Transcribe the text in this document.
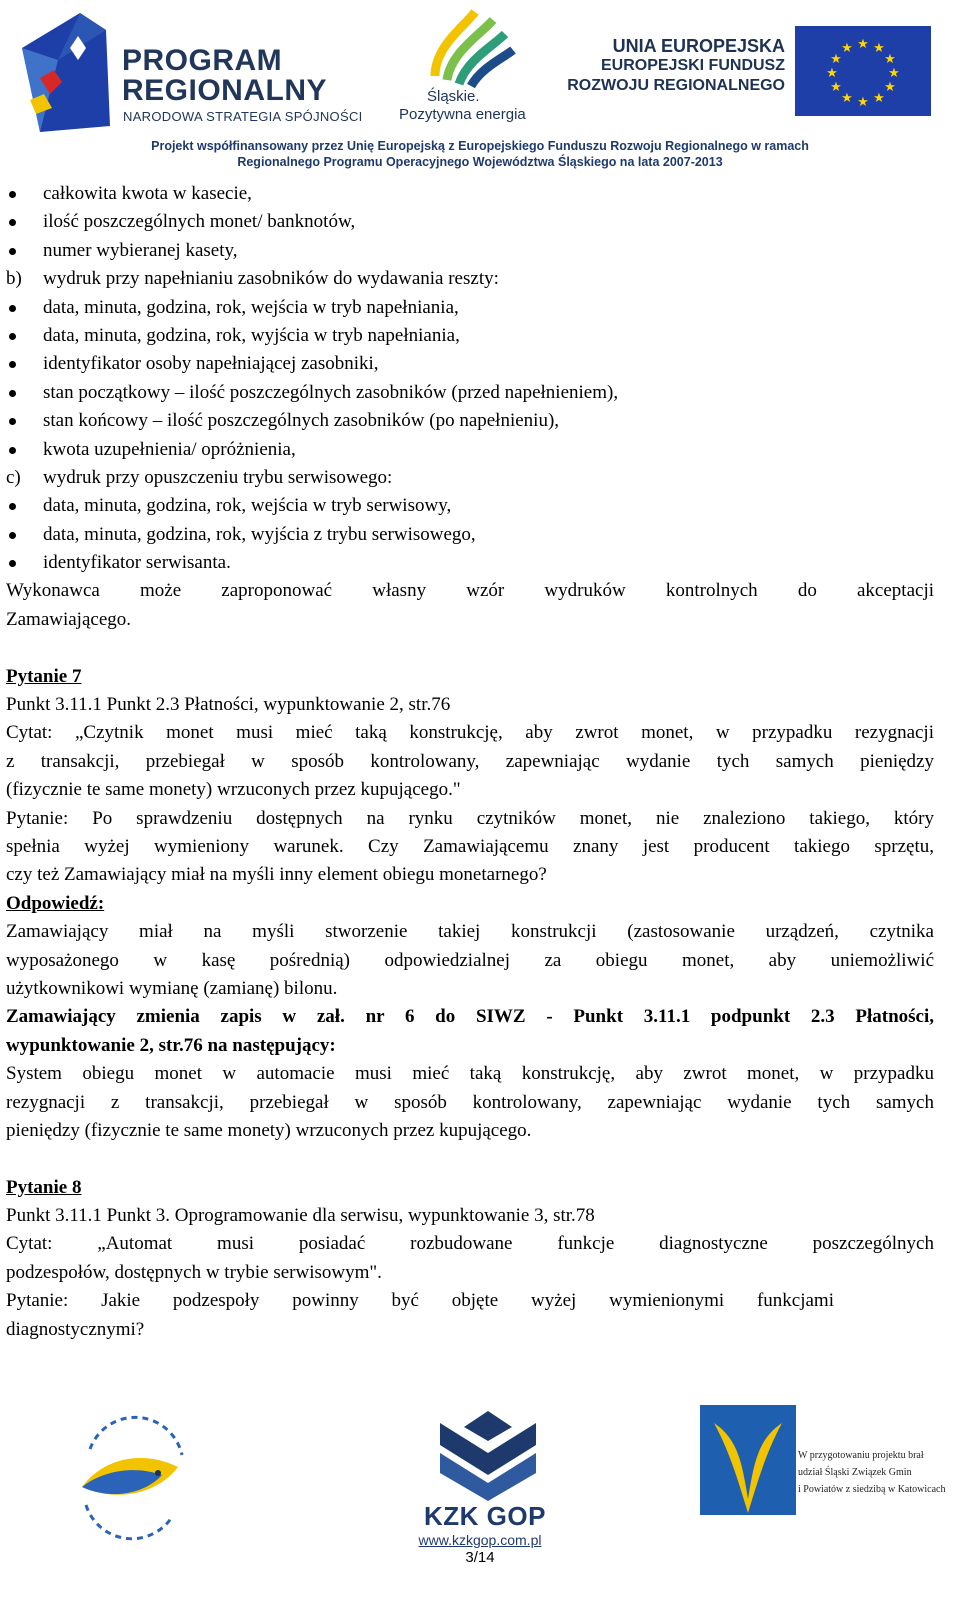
PROGRAM
REGIONALNY
NARODOWA STRATEGIA SPÓJNOŚCI
Śląskie.
Pozytywna energia
UNIA EUROPEJSKA
EUROPEJSKI FUNDUSZ
ROZWOJU REGIONALNEGO
★ ★
★
★
★
★
★
★
★
★
★
★
Projekt współfinansowany przez Unię Europejską z Europejskiego Funduszu Rozwoju Regionalnego w ramach
Regionalnego Programu Operacyjnego Województwa Śląskiego na lata 2007-2013
całkowita kwota w kasecie,
ilość poszczególnych monet/ banknotów,
numer wybieranej kasety,
b) wydruk przy napełnianiu zasobników do wydawania reszty:
data, minuta, godzina, rok, wejścia w tryb napełniania,
data, minuta, godzina, rok, wyjścia w tryb napełniania,
identyfikator osoby napełniającej zasobniki,
stan początkowy – ilość poszczególnych zasobników (przed napełnieniem),
stan końcowy – ilość poszczególnych zasobników (po napełnieniu),
kwota uzupełnienia/ opróżnienia,
c) wydruk przy opuszczeniu trybu serwisowego:
data, minuta, godzina, rok, wejścia w tryb serwisowy,
data, minuta, godzina, rok, wyjścia z trybu serwisowego,
identyfikator serwisanta.
Wykonawca może zaproponować własny wzór wydruków kontrolnych do akceptacji
Zamawiającego.
Pytanie 7
Punkt 3.11.1 Punkt 2.3 Płatności, wypunktowanie 2, str.76
Cytat: „Czytnik monet musi mieć taką konstrukcję, aby zwrot monet, w przypadku rezygnacji
z transakcji, przebiegał w sposób kontrolowany, zapewniając wydanie tych samych pieniędzy
(fizycznie te same monety) wrzuconych przez kupującego."
Pytanie: Po sprawdzeniu dostępnych na rynku czytników monet, nie znaleziono takiego, który
spełnia wyżej wymieniony warunek. Czy Zamawiającemu znany jest producent takiego sprzętu,
czy też Zamawiający miał na myśli inny element obiegu monetarnego?
Odpowiedź:
Zamawiający miał na myśli stworzenie takiej konstrukcji (zastosowanie urządzeń, czytnika
wyposażonego w kasę pośrednią) odpowiedzialnej za obiegu monet, aby uniemożliwić
użytkownikowi wymianę (zamianę) bilonu.
Zamawiający zmienia zapis w zał. nr 6 do SIWZ - Punkt 3.11.1 podpunkt 2.3 Płatności,
wypunktowanie 2, str.76 na następujący:
System obiegu monet w automacie musi mieć taką konstrukcję, aby zwrot monet, w przypadku
rezygnacji z transakcji, przebiegał w sposób kontrolowany, zapewniając wydanie tych samych
pieniędzy (fizycznie te same monety) wrzuconych przez kupującego.
Pytanie 8
Punkt 3.11.1 Punkt 3. Oprogramowanie dla serwisu, wypunktowanie 3, str.78
Cytat: „Automat musi posiadać rozbudowane funkcje diagnostyczne poszczególnych
podzespołów, dostępnych w trybie serwisowym".
Pytanie: Jakie podzespoły powinny być objęte wyżej wymienionymi funkcjami
diagnostycznymi?
KZK GOP
www.kzkgop.com.pl
3/14
W przygotowaniu projektu brał
udział Śląski Związek Gmin
i Powiatów z siedzibą w Katowicach
